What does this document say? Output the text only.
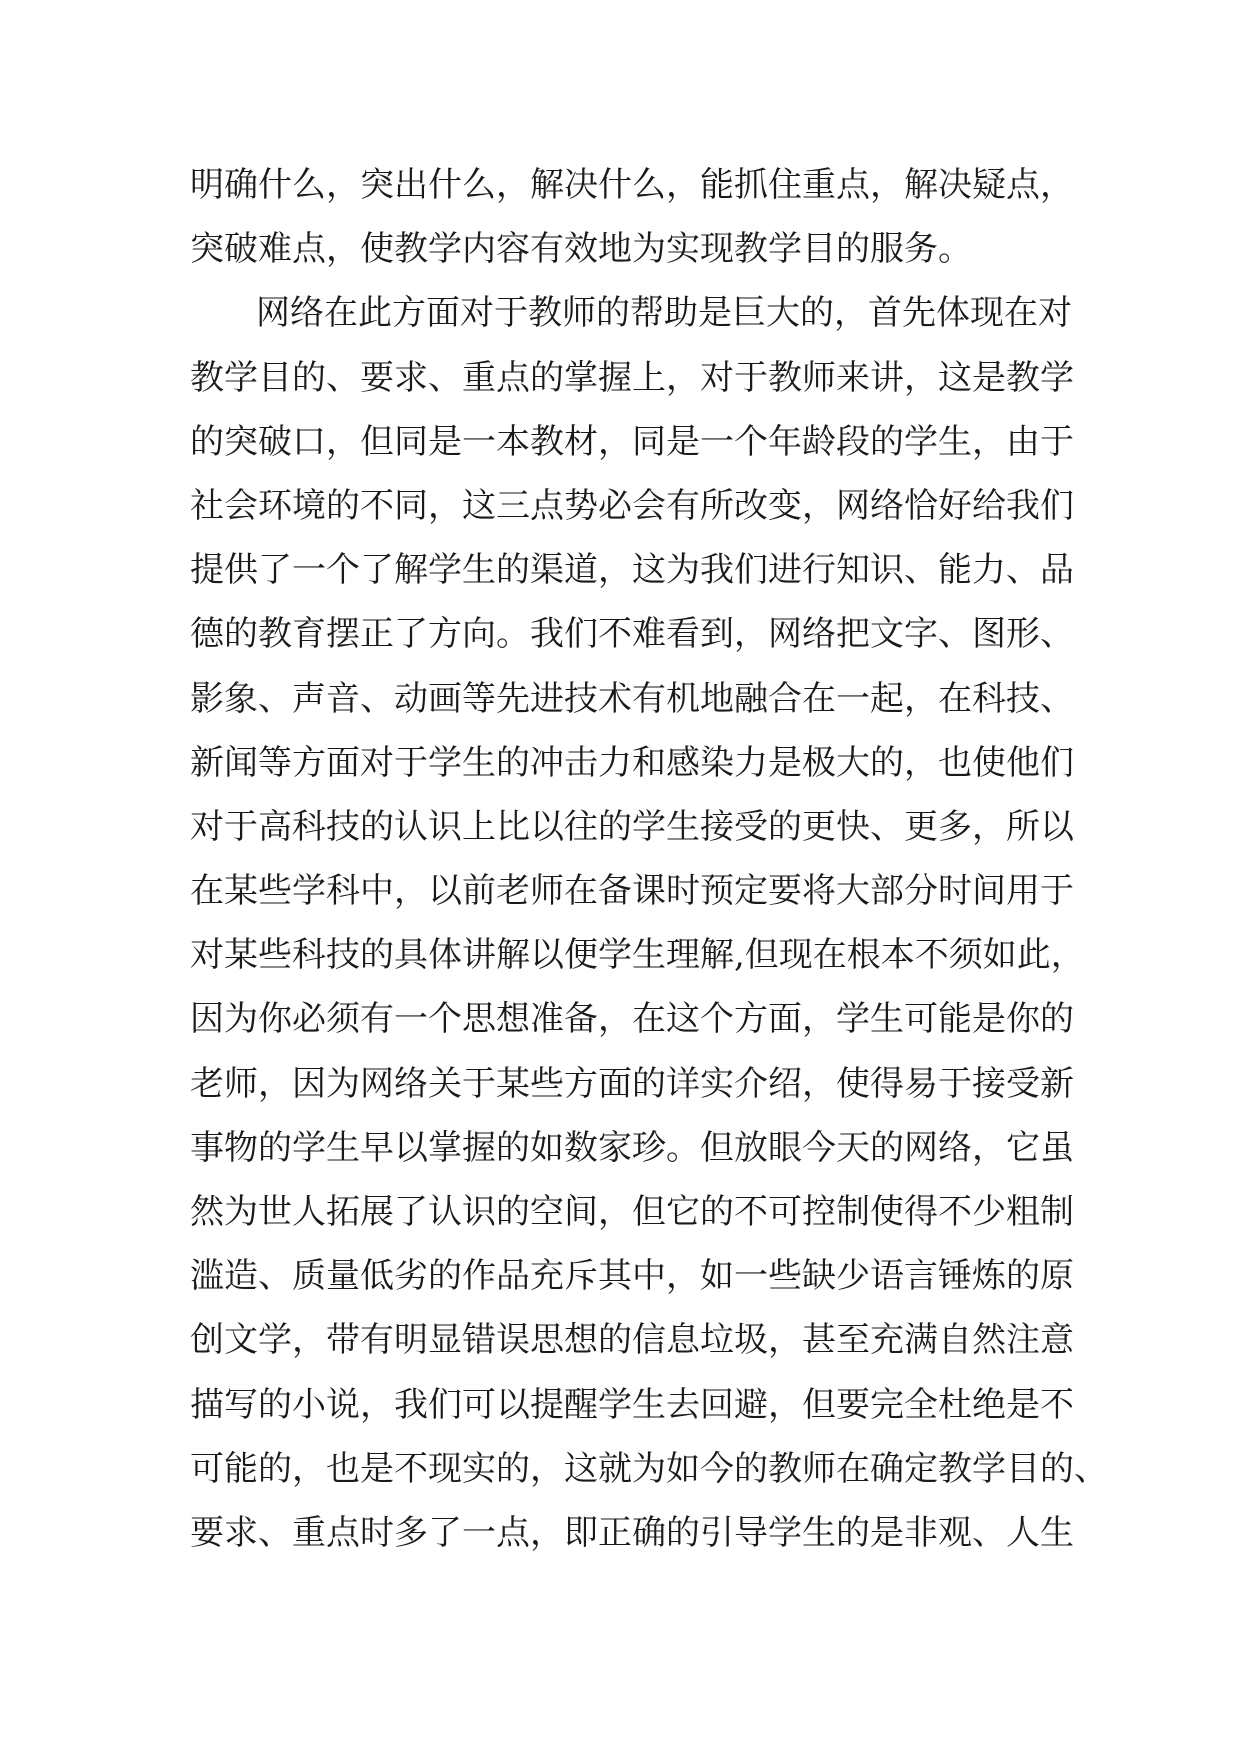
明确什么，突出什么，解决什么，能抓住重点，解决疑点，
突破难点，使教学内容有效地为实现教学目的服务。
网络在此方面对于教师的帮助是巨大的，首先体现在对
教学目的、要求、重点的掌握上，对于教师来讲，这是教学
的突破口，但同是一本教材，同是一个年龄段的学生，由于
社会环境的不同，这三点势必会有所改变，网络恰好给我们
提供了一个了解学生的渠道，这为我们进行知识、能力、品
德的教育摆正了方向。我们不难看到，网络把文字、图形、
影象、声音、动画等先进技术有机地融合在一起，在科技、
新闻等方面对于学生的冲击力和感染力是极大的，也使他们
对于高科技的认识上比以往的学生接受的更快、更多，所以
在某些学科中，以前老师在备课时预定要将大部分时间用于
对某些科技的具体讲解以便学生理解,但现在根本不须如此，
因为你必须有一个思想准备，在这个方面，学生可能是你的
老师，因为网络关于某些方面的详实介绍，使得易于接受新
事物的学生早以掌握的如数家珍。但放眼今天的网络，它虽
然为世人拓展了认识的空间，但它的不可控制使得不少粗制
滥造、质量低劣的作品充斥其中，如一些缺少语言锤炼的原
创文学，带有明显错误思想的信息垃圾，甚至充满自然注意
描写的小说，我们可以提醒学生去回避，但要完全杜绝是不
可能的，也是不现实的，这就为如今的教师在确定教学目的、
要求、重点时多了一点，即正确的引导学生的是非观、人生
